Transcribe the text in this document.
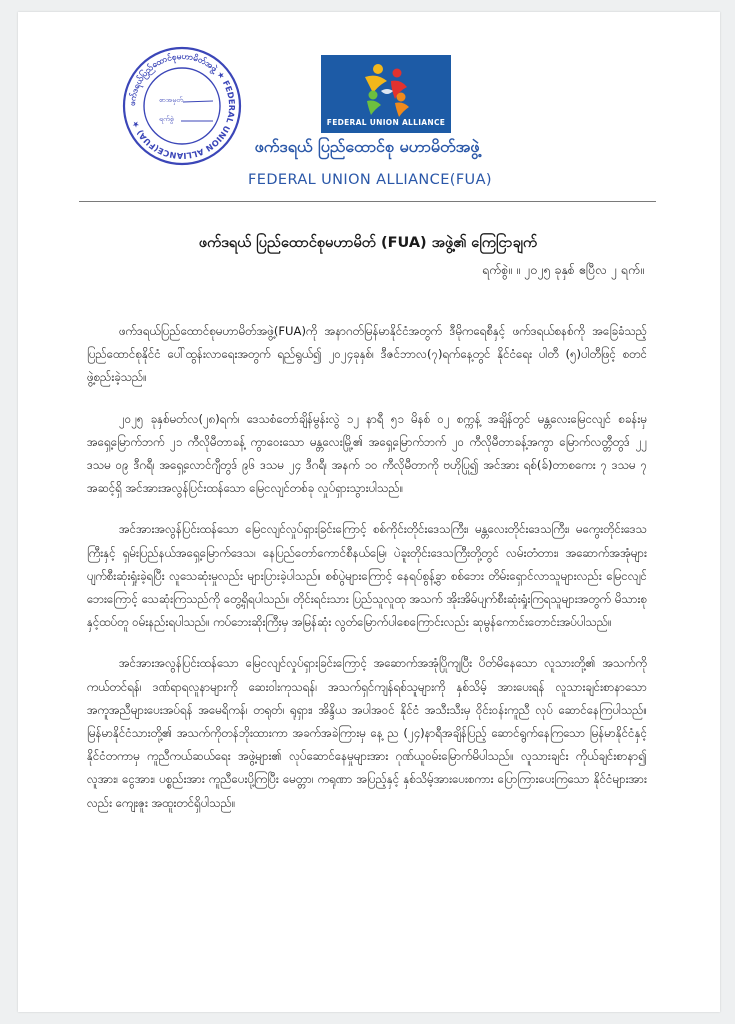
ဖက်ဒရယ်ပြည်ထောင်စုမဟာမိတ်အဖွဲ့ ★ FEDERAL UNION ALLIANCE(FUA) ★
စာအမှတ်
ရက်စွဲ	FEDERAL UNION ALLIANCE
ဖက်ဒရယ် ပြည်ထောင်စု မဟာမိတ်အဖွဲ့
FEDERAL UNION ALLIANCE(FUA)
ဖက်ဒရယ် ပြည်ထောင်စုမဟာမိတ် (FUA) အဖွဲ့၏ ကြေငြာချက်
ရက်စွဲ။ ။ ၂၀၂၅ ခုနှစ် ဧပြီလ ၂ ရက်။

ဖက်ဒရယ်ပြည်ထောင်စုမဟာမိတ်အဖွဲ့(FUA)ကို အနာဂတ်မြန်မာနိုင်ငံအတွက် ဒီမိုကရေစီနှင့် ဖက်ဒရယ်စနစ်ကို အခြေခံသည့် ပြည်ထောင်စုနိုင်ငံ ပေါ်ထွန်းလာရေးအတွက် ရည်ရွယ်၍ ၂၀၂၄ခုနှစ်၊ ဒီဇင်ဘာလ(၇)ရက်နေ့တွင် နိုင်ငံရေး ပါတီ (၅)ပါတီဖြင့် စတင်ဖွဲ့စည်းခဲ့သည်။

၂၀၂၅ ခုနှစ်မတ်လ(၂၈)ရက်၊ ဒေသစံတော်ချိန်မွန်းလွဲ ၁၂ နာရီ ၅၁ မိနစ် ၀၂ စက္ကန့် အချိန်တွင် မန္တလေးမြေငလျင် စခန်းမှ အရှေ့မြောက်ဘက် ၂၁ ကီလိုမီတာခန့် ကွာဝေးသော မန္တလေးမြို့၏ အရှေ့မြောက်ဘက် ၂၀ ကီလိုမီတာခန့်အကွာ မြောက်လတ္တီတွဒ် ၂၂ ဒသမ ၀၉ ဒီဂရီ၊ အရှေ့လောင်ဂျီတွဒ် ၉၆ ဒသမ ၂၄ ဒီဂရီ၊ အနက် ၁၀ ကီလိုမီတာကို ဗဟိုပြု၍ အင်အား ရစ်(ခ်)တာစကေး ၇ ဒသမ ၇ အဆင့်ရှိ အင်အားအလွန်ပြင်းထန်သော မြေငလျင်တစ်ခု လှုပ်ရှားသွားပါသည်။

အင်အားအလွန်ပြင်းထန်သော မြေငလျင်လှုပ်ရှားခြင်းကြောင့် စစ်ကိုင်းတိုင်းဒေသကြီး၊ မန္တလေးတိုင်းဒေသကြီး၊ မကွေးတိုင်းဒေသကြီးနှင့် ရှမ်းပြည်နယ်အရှေ့မြောက်ဒေသ၊ နေပြည်တော်ကောင်စီနယ်မြေ၊ ပဲခူးတိုင်းဒေသကြီးတို့တွင် လမ်းတံတား၊ အဆောက်အအုံများ ပျက်စီးဆုံးရှုံးခဲ့ရပြီး လူသေဆုံးမှုလည်း များပြားခဲ့ပါသည်။ စစ်ပွဲများကြောင့် နေရပ်စွန့်ခွာ စစ်ဘေး တိမ်းရှောင်လာသူများလည်း မြေငလျင်ဘေးကြောင့် သေဆုံးကြသည်ကို တွေ့ရှိရပါသည်။ တိုင်းရင်းသား ပြည်သူလူထု အသက် အိုးအိမ်ပျက်စီးဆုံးရှုံးကြရသူများအတွက် မိသားစုနှင့်ထပ်တူ ဝမ်းနည်းရပါသည်။ ကပ်ဘေးဆိုးကြီးမှ အမြန်ဆုံး လွတ်မြောက်ပါစေကြောင်းလည်း ဆုမွန်ကောင်းတောင်းအပ်ပါသည်။

အင်အားအလွန်ပြင်းထန်သော မြေငလျင်လှုပ်ရှားခြင်းကြောင့် အဆောက်အအုံပြိုကျပြီး ပိတ်မိနေသော လူသားတို့၏ အသက်ကိုကယ်တင်ရန်၊ ဒဏ်ရာရလူနာများကို ဆေးဝါးကုသရန်၊ အသက်ရှင်ကျန်ရစ်သူများကို နှစ်သိမ့် အားပေးရန် လူသားချင်းစာနာသော အကူအညီများပေးအပ်ရန် အမေရိကန်၊ တရုတ်၊ ရုရှား၊ အိန္ဒိယ အပါအဝင် နိုင်ငံ အသီးသီးမှ ဝိုင်းဝန်းကူညီ လုပ် ဆောင်နေကြပါသည်။ မြန်မာနိုင်ငံသားတို့၏ အသက်ကိုတန်ဘိုးထားကာ အခက်အခဲကြားမှ နေ့ ည (၂၄)နာရီအချိန်ပြည့် ဆောင်ရွက်နေကြသော မြန်မာနိုင်ငံနှင့် နိုင်ငံတကာမှ ကူညီကယ်ဆယ်ရေး အဖွဲ့များ၏ လုပ်ဆောင်နေမှုများအား ဂုဏ်ယူဝမ်းမြောက်မိပါသည်။ လူသားချင်း ကိုယ်ချင်းစာနာ၍ လူအား၊ ငွေအား၊ ပစ္စည်းအား ကူညီပေးပို့ကြပြီး မေတ္တာ၊ ကရုဏာ အပြည့်နှင့် နှစ်သိမ့်အားပေးစကား ပြောကြားပေးကြသော နိုင်ငံများအားလည်း ကျေးဇူး အထူးတင်ရှိပါသည်။
